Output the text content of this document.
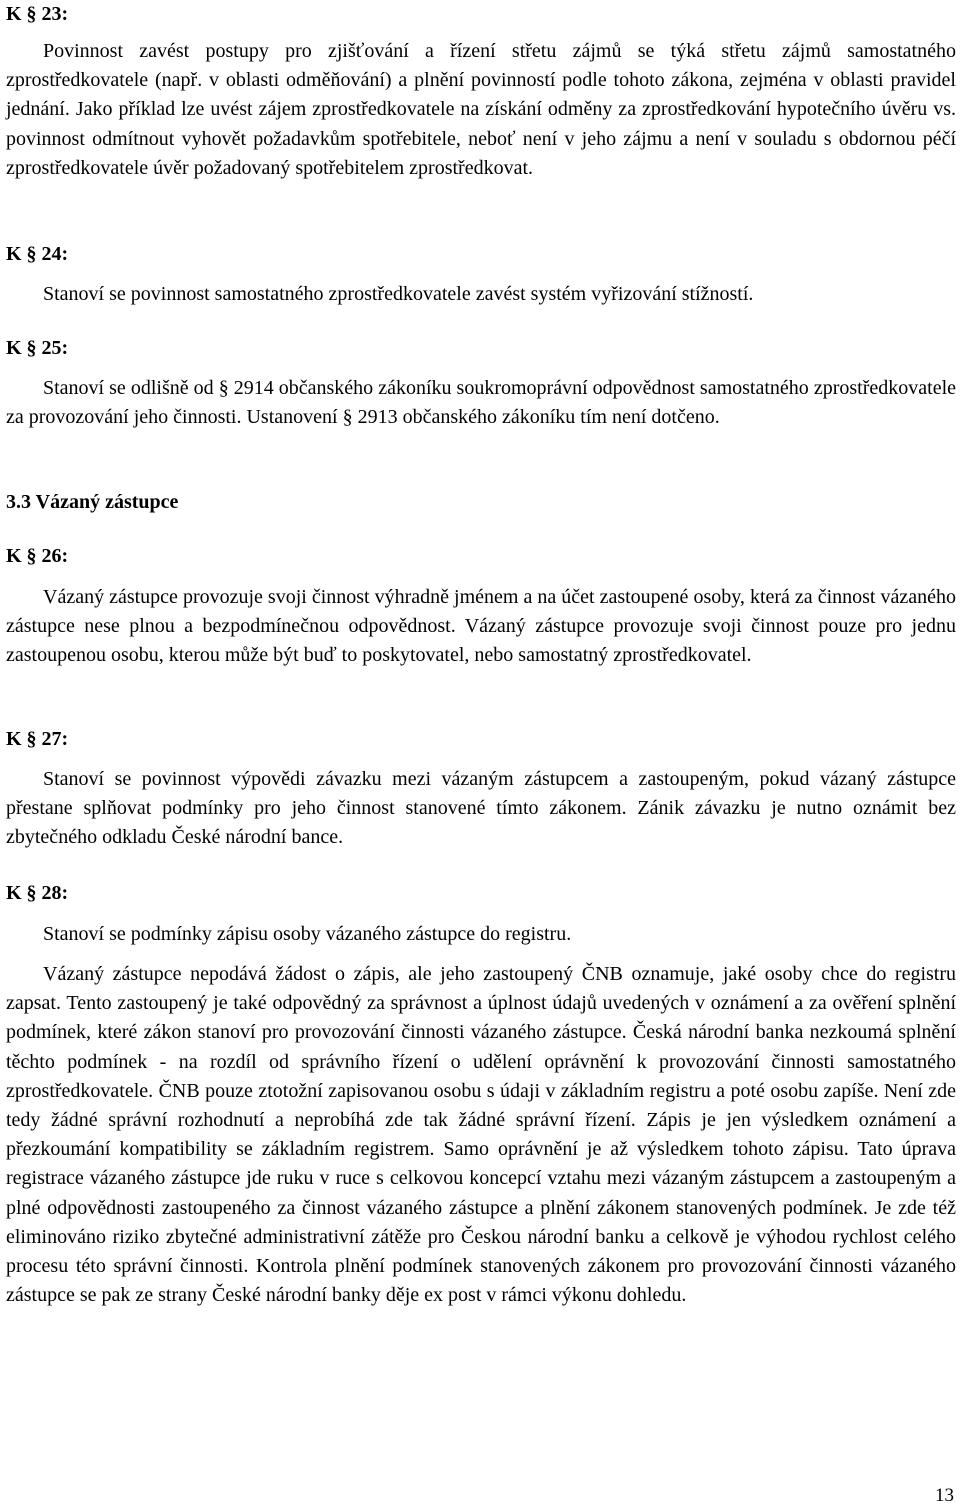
K § 23:

Povinnost zavést postupy pro zjišťování a řízení střetu zájmů se týká střetu zájmů samostatného zprostředkovatele (např. v oblasti odměňování) a plnění povinností podle tohoto zákona, zejména v oblasti pravidel jednání. Jako příklad lze uvést zájem zprostředkovatele na získání odměny za zprostředkování hypotečního úvěru vs. povinnost odmítnout vyhovět požadavkům spotřebitele, neboť není v jeho zájmu a není v souladu s obdornou péčí zprostředkovatele úvěr požadovaný spotřebitelem zprostředkovat.

K § 24:

Stanoví se povinnost samostatného zprostředkovatele zavést systém vyřizování stížností.

K § 25:

Stanoví se odlišně od § 2914 občanského zákoníku soukromoprávní odpovědnost samostatného zprostředkovatele za provozování jeho činnosti. Ustanovení § 2913 občanského zákoníku tím není dotčeno.

3.3 Vázaný zástupce
K § 26:

Vázaný zástupce provozuje svoji činnost výhradně jménem a na účet zastoupené osoby, která za činnost vázaného zástupce nese plnou a bezpodmínečnou odpovědnost. Vázaný zástupce provozuje svoji činnost pouze pro jednu zastoupenou osobu, kterou může být buď to poskytovatel, nebo samostatný zprostředkovatel.

K § 27:

Stanoví se povinnost výpovědi závazku mezi vázaným zástupcem a zastoupeným, pokud vázaný zástupce přestane splňovat podmínky pro jeho činnost stanovené tímto zákonem. Zánik závazku je nutno oznámit bez zbytečného odkladu České národní bance.

K § 28:

Stanoví se podmínky zápisu osoby vázaného zástupce do registru.

Vázaný zástupce nepodává žádost o zápis, ale jeho zastoupený ČNB oznamuje, jaké osoby chce do registru zapsat. Tento zastoupený je také odpovědný za správnost a úplnost údajů uvedených v oznámení a za ověření splnění podmínek, které zákon stanoví pro provozování činnosti vázaného zástupce. Česká národní banka nezkoumá splnění těchto podmínek - na rozdíl od správního řízení o udělení oprávnění k provozování činnosti samostatného zprostředkovatele. ČNB pouze ztotožní zapisovanou osobu s údaji v základním registru a poté osobu zapíše. Není zde tedy žádné správní rozhodnutí a neprobíhá zde tak žádné správní řízení. Zápis je jen výsledkem oznámení a přezkoumání kompatibility se základním registrem. Samo oprávnění je až výsledkem tohoto zápisu. Tato úprava registrace vázaného zástupce jde ruku v ruce s celkovou koncepcí vztahu mezi vázaným zástupcem a zastoupeným a plné odpovědnosti zastoupeného za činnost vázaného zástupce a plnění zákonem stanovených podmínek. Je zde též eliminováno riziko zbytečné administrativní zátěže pro Českou národní banku a celkově je výhodou rychlost celého procesu této správní činnosti. Kontrola plnění podmínek stanovených zákonem pro provozování činnosti vázaného zástupce se pak ze strany České národní banky děje ex post v rámci výkonu dohledu.

13
